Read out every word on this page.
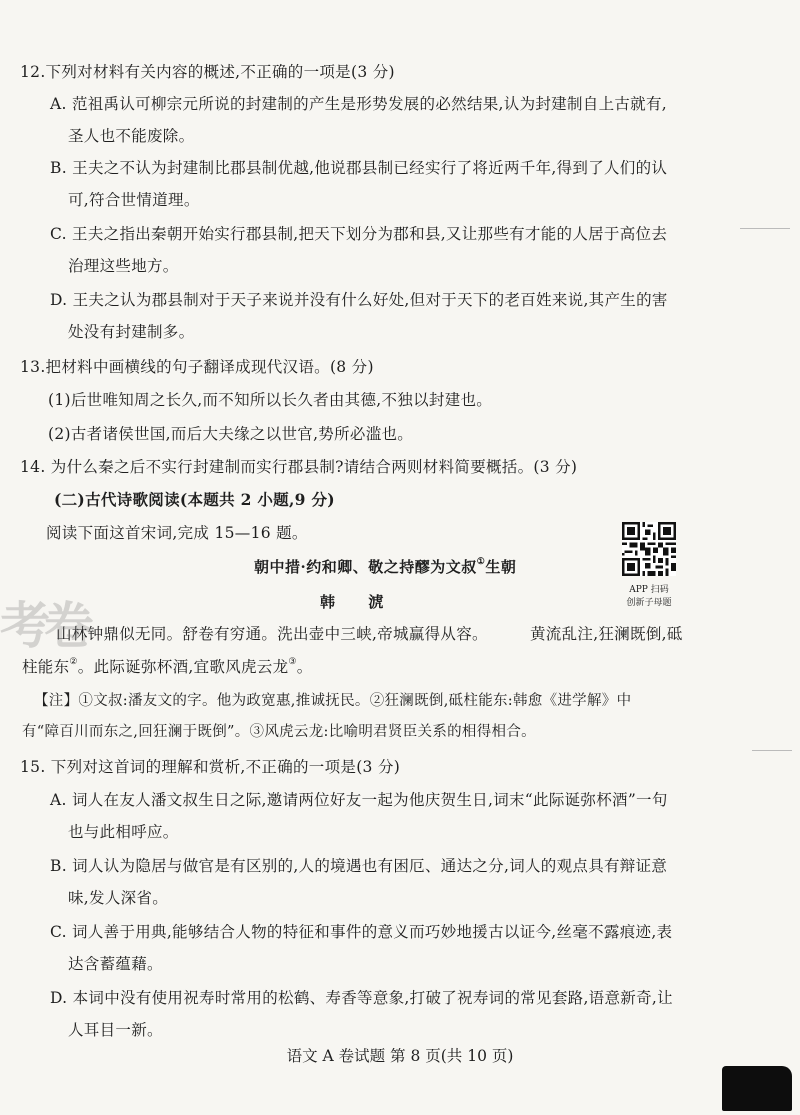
12.下列对材料有关内容的概述,不正确的一项是(3 分)
A. 范祖禹认可柳宗元所说的封建制的产生是形势发展的必然结果,认为封建制自上古就有,
圣人也不能废除。
B. 王夫之不认为封建制比郡县制优越,他说郡县制已经实行了将近两千年,得到了人们的认
可,符合世情道理。
C. 王夫之指出秦朝开始实行郡县制,把天下划分为郡和县,又让那些有才能的人居于高位去
治理这些地方。
D. 王夫之认为郡县制对于天子来说并没有什么好处,但对于天下的老百姓来说,其产生的害
处没有封建制多。
13.把材料中画横线的句子翻译成现代汉语。(8 分)
(1)后世唯知周之长久,而不知所以长久者由其德,不独以封建也。
(2)古者诸侯世国,而后大夫缘之以世官,势所必滥也。
14. 为什么秦之后不实行封建制而实行郡县制?请结合两则材料简要概括。(3 分)
(二)古代诗歌阅读(本题共 2 小题,9 分)
阅读下面这首宋词,完成 15—16 题。
朝中措·约和卿、敬之持醪为文叔①生朝
韩 淲
山林钟鼎似无同。舒卷有穷通。洗出壶中三峡,帝城赢得从容。	黄流乱注,狂澜既倒,砥
柱能东②。此际诞弥杯酒,宜歌风虎云龙③。
【注】①文叔:潘友文的字。他为政宽惠,推诚抚民。②狂澜既倒,砥柱能东:韩愈《进学解》中
有“障百川而东之,回狂澜于既倒”。③风虎云龙:比喻明君贤臣关系的相得相合。
APP 扫码
创新子母题
考卷
15. 下列对这首词的理解和赏析,不正确的一项是(3 分)
A. 词人在友人潘文叔生日之际,邀请两位好友一起为他庆贺生日,词末“此际诞弥杯酒”一句
也与此相呼应。
B. 词人认为隐居与做官是有区别的,人的境遇也有困厄、通达之分,词人的观点具有辩证意
味,发人深省。
C. 词人善于用典,能够结合人物的特征和事件的意义而巧妙地援古以证今,丝毫不露痕迹,表
达含蓄蕴藉。
D. 本词中没有使用祝寿时常用的松鹤、寿香等意象,打破了祝寿词的常见套路,语意新奇,让
人耳目一新。
语文 A 卷试题 第 8 页(共 10 页)
